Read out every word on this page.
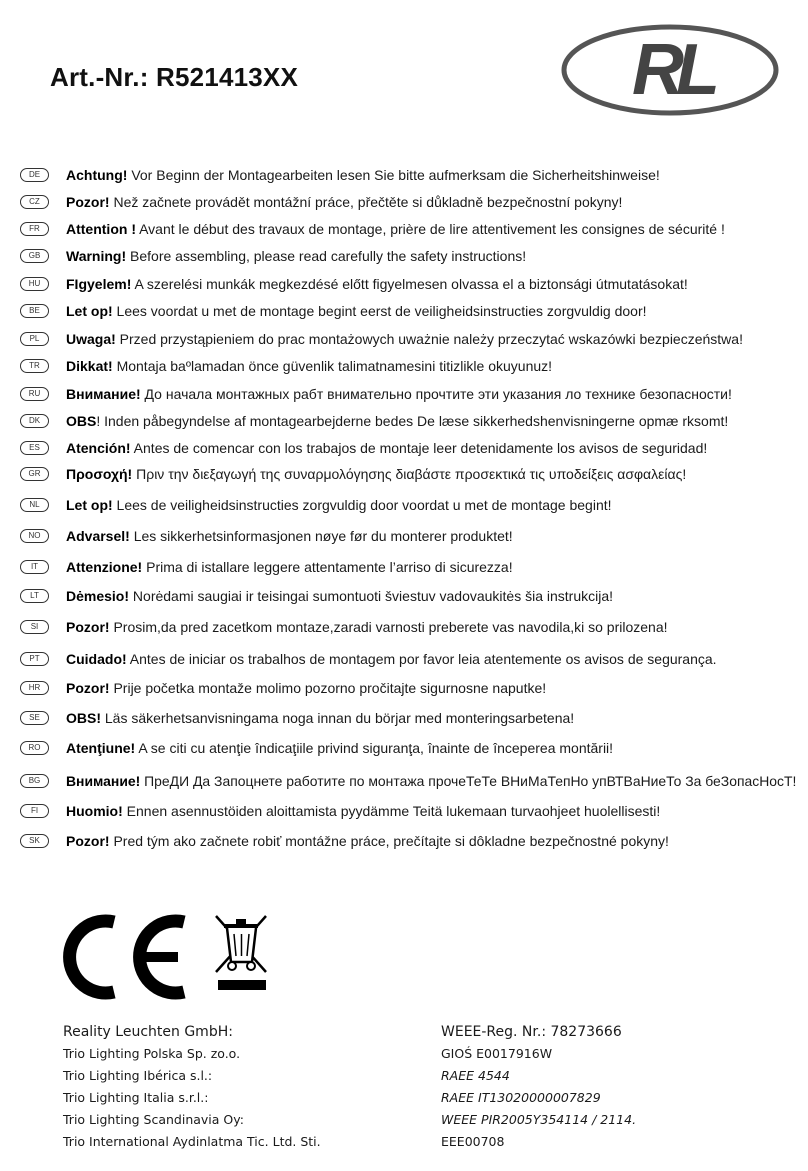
Art.-Nr.: R521413XX	RL
DE	Achtung! Vor Beginn der Montagearbeiten lesen Sie bitte aufmerksam die Sicherheitshinweise!
CZ	Pozor! Než začnete provádět montážní práce, přečtěte si důkladně bezpečnostní pokyny!
FR	Attention ! Avant le début des travaux de montage, prière de lire attentivement les consignes de sécurité !
GB	Warning! Before assembling, please read carefully the safety instructions!
HU	FIgyelem! A szerelési munkák megkezdésé előtt figyelmesen olvassa el a biztonsági útmutatásokat!
BE	Let op! Lees voordat u met de montage begint eerst de veiligheidsinstructies zorgvuldig door!
PL	Uwaga! Przed przystąpieniem do prac montażowych uważnie należy przeczytać wskazówki bezpieczeństwa!
TR	Dikkat! Montaja baºlamadan önce güvenlik talimatnamesini titizlikle okuyunuz!
RU	Внимание! До начала монтажных рабт внимательно прочтите эти указания ло технике безопасности!
DK	OBS! Inden påbegyndelse af montagearbejderne bedes De læse sikkerhedshenvisningerne opmæ rksomt!
ES	Atención! Antes de comencar con los trabajos de montaje leer detenidamente los avisos de seguridad!
GR	Προσοχή! Πριν την διεξαγωγή της συναρμολόγησης διαβάστε προσεκτικά τις υποδείξεις ασφαλείας!
NL	Let op! Lees de veiligheidsinstructies zorgvuldig door voordat u met de montage begint!
NO	Advarsel! Les sikkerhetsinformasjonen nøye før du monterer produktet!
IT	Attenzione! Prima di istallare leggere attentamente l’arriso di sicurezza!
LT	Dėmesio! Norėdami saugiai ir teisingai sumontuoti šviestuv vadovaukitės šia instrukcija!
SI	Pozor! Prosim,da pred zacetkom montaze,zaradi varnosti preberete vas navodila,ki so prilozena!
PT	Cuidado! Antes de iniciar os trabalhos de montagem por favor leia atentemente os avisos de segurança.
HR	Pozor! Prije početka montaže molimo pozorno pročitajte sigurnosne naputke!
SE	OBS! Läs säkerhetsanvisningama noga innan du börjar med monteringsarbetena!
RO	Atenţiune! A se citi cu atenţie îndicaţiile privind siguranţa, înainte de începerea montării!
BG	Внимание! ПреДИ Да Запоцнете работите по монтажа прочеТеТе ВНиМаТепНо упВТВаНиеТо За беЗопасНосТ!
FI	Huomio! Ennen asennustöiden aloittamista pyydämme Teitä lukemaan turvaohjeet huolellisesti!
SK	Pozor! Pred tým ako začnete robiť montážne práce, prečítajte si dôkladne bezpečnostné pokyny!
Reality Leuchten GmbH:	WEEE-Reg. Nr.: 78273666
Trio Lighting Polska Sp. zo.o.	GIOŚ E0017916W
Trio Lighting Ibérica s.l.:	RAEE 4544
Trio Lighting Italia s.r.l.:	RAEE IT13020000007829
Trio Lighting Scandinavia Oy:	WEEE PIR2005Y354114 / 2114.
Trio International Aydinlatma Tic. Ltd. Sti.	EEE00708
